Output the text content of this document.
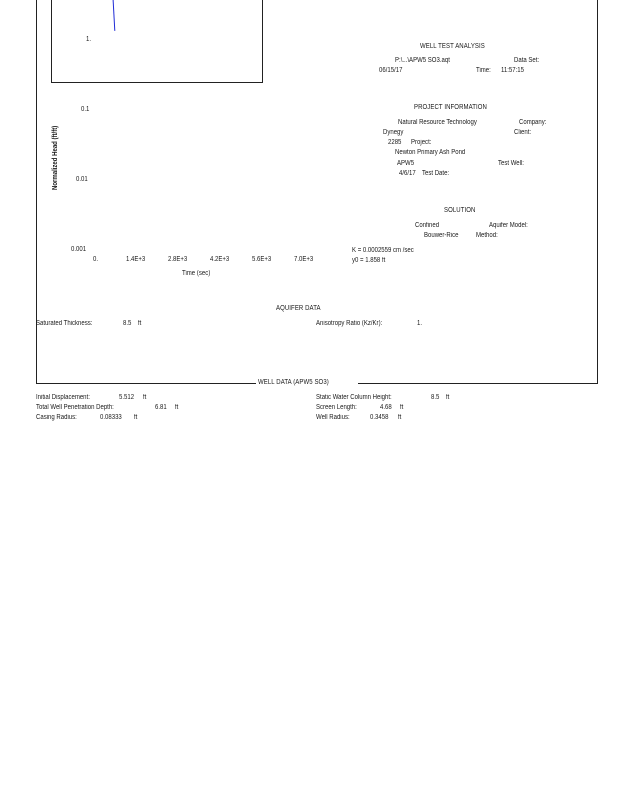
1.
0.1
0.01
0.001
0.	1.4E+3	2.8E+3	4.2E+3	5.6E+3	7.0E+3
Time (sec)
Normalized Head (ft/ft)
WELL TEST ANALYSIS
P:\...\APW5 SO3.aqt	Data Set:
06/15/17	Time: 11:57:15
PROJECT INFORMATION
Natural Resource Technology	Company:
Dynegy	Client:
2285 Project:
Newton Primary Ash Pond
APW5	Test Well:
4/6/17 Test Date:
SOLUTION
Confined	Aquifer Model:
Bouwer-Rice	Method:
K = 0.0002559 cm /sec
y0 = 1.858 ft
AQUIFER DATA
Saturated Thickness:	8.5 ft	Anisotropy Ratio (Kz/Kr):	1.
WELL DATA (APW5 SO3)
Initial Displacement:	5.512 ft	Static Water Column Height:	8.5 ft
Total Well Penetration Depth:	6.81 ft	Screen Length:	4.68 ft
Casing Radius:	0.08333 ft	Well Radius:	0.3458 ft
